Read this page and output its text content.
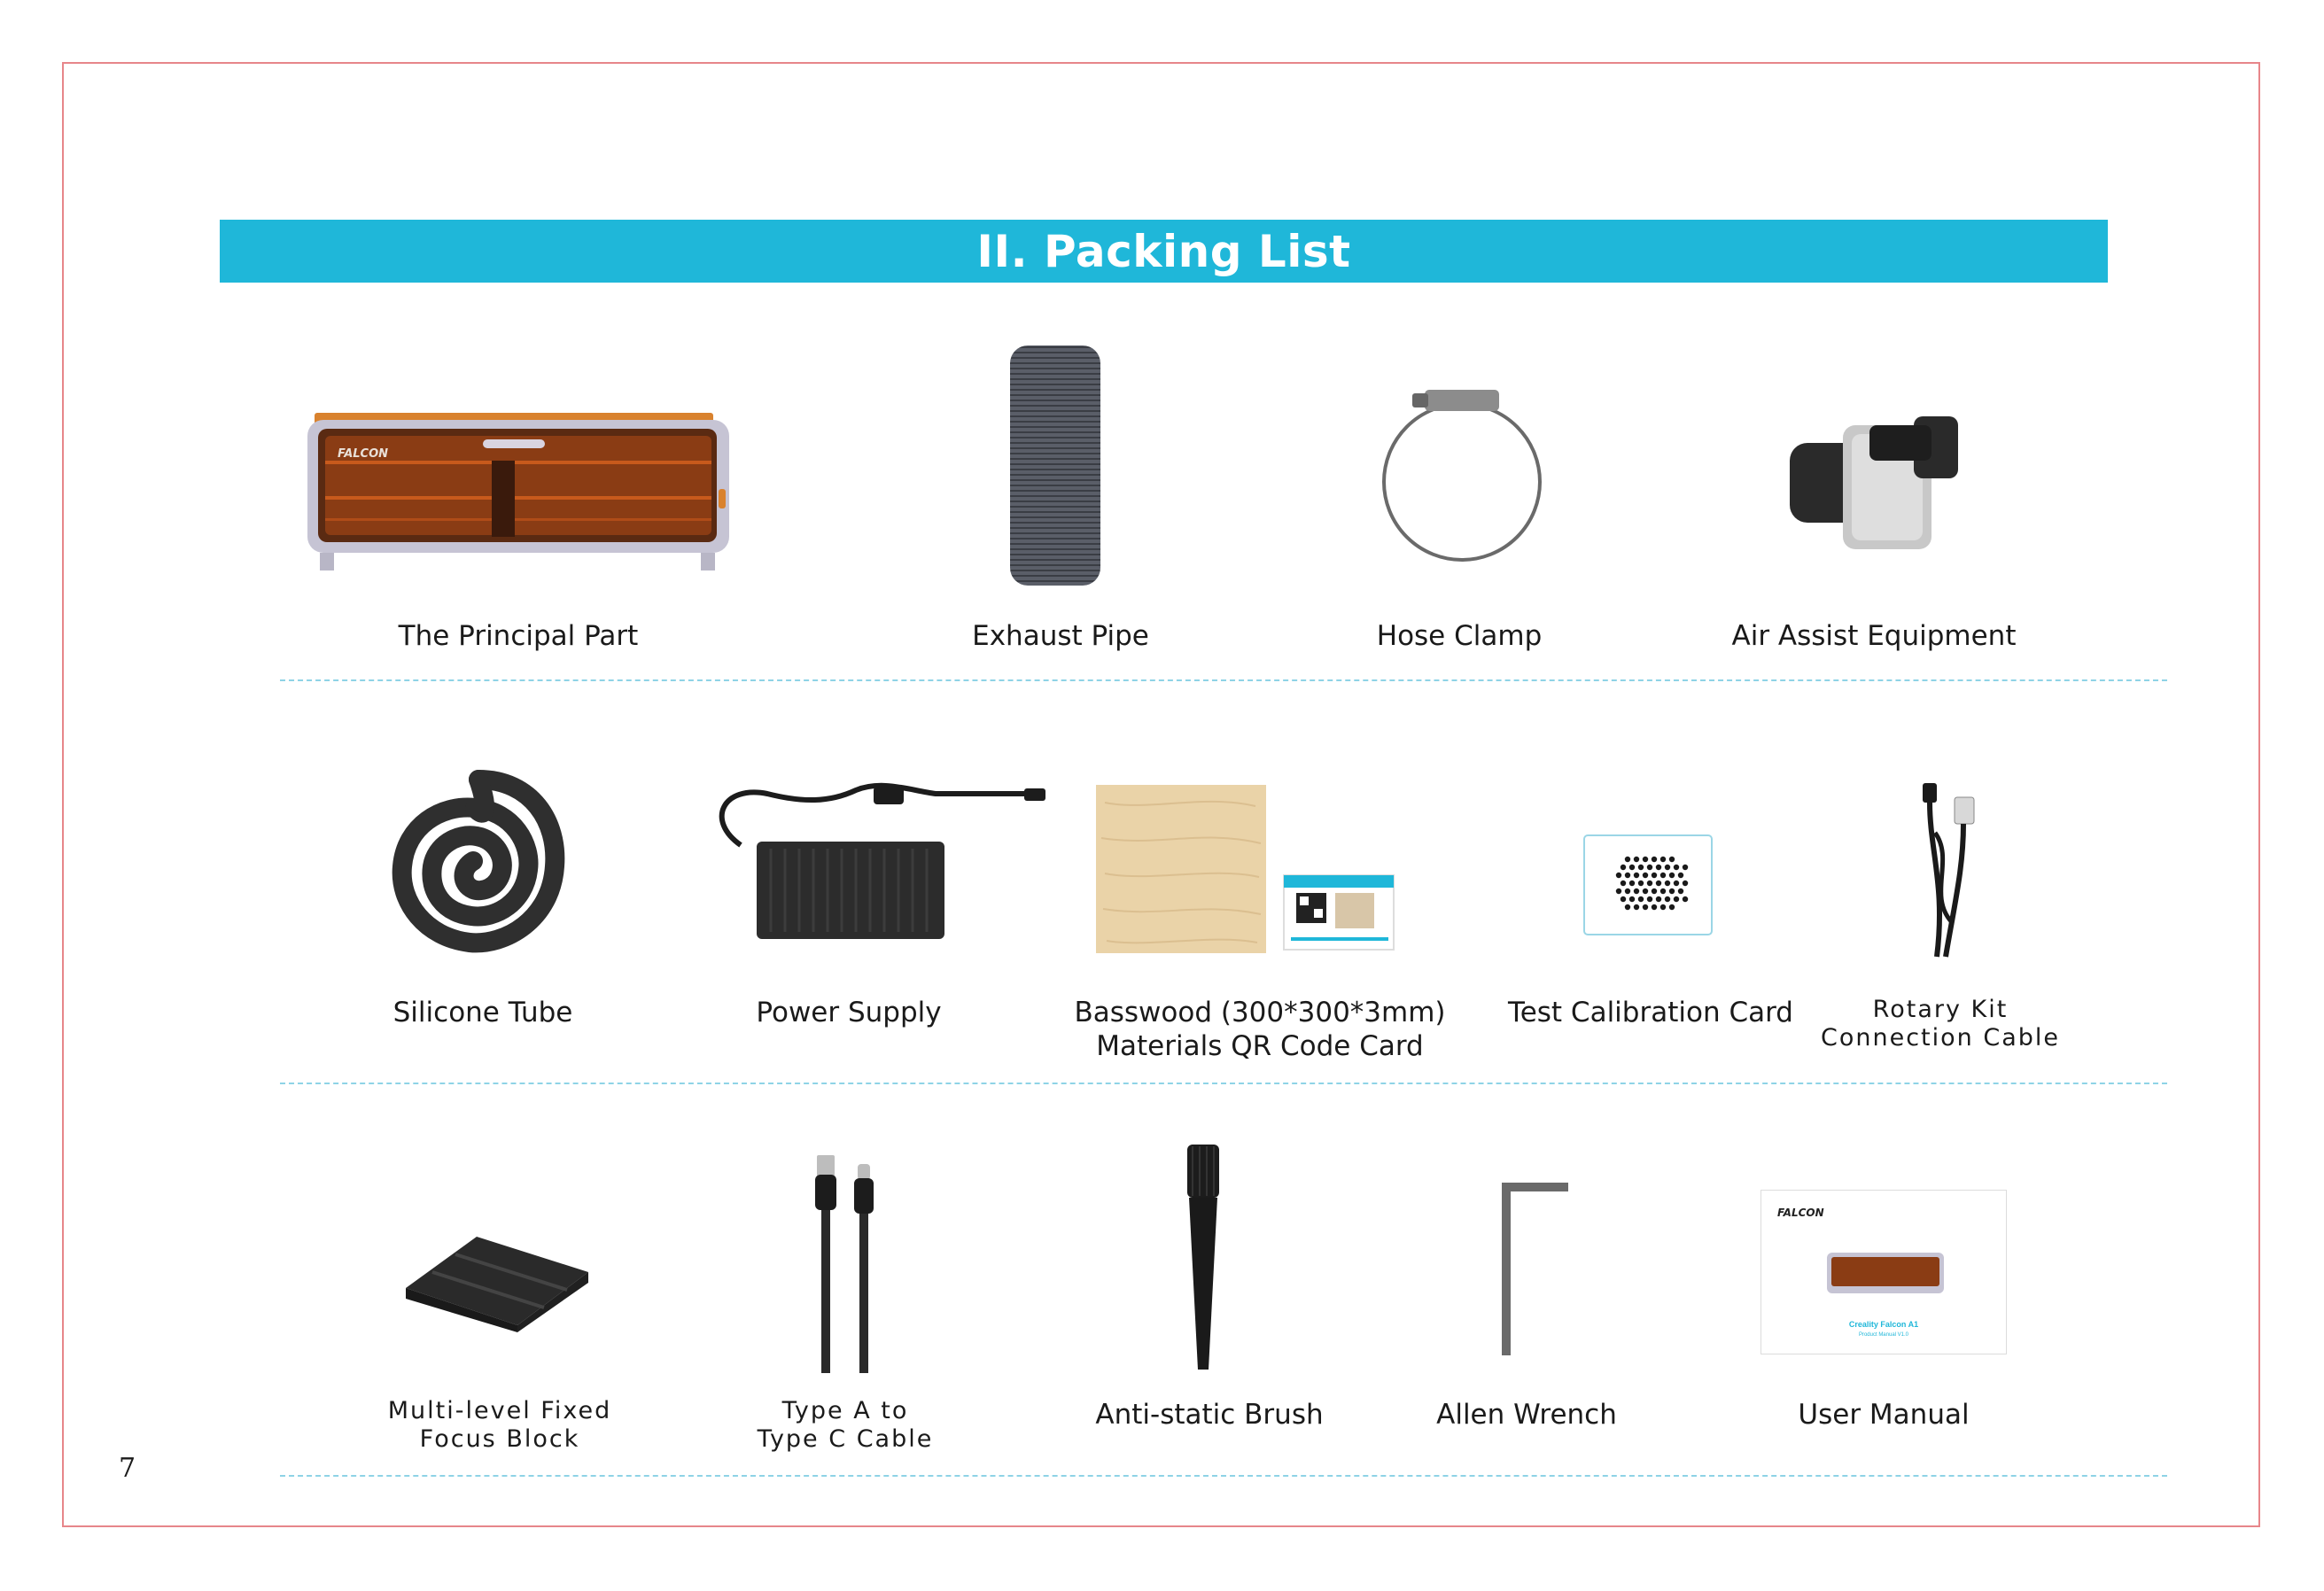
II. Packing List
FALCON
The Principal Part	Exhaust Pipe	Hose Clamp	Air Assist Equipment
Silicone Tube	Power Supply	Basswood (300*300*3mm)
Materials QR Code Card
Test Calibration Card	Rotary Kit
Connection Cable
Multi-level Fixed
Focus Block
Type A to
Type C Cable
Anti-static Brush	Allen Wrench
FALCON
Creality Falcon A1
Product Manual V1.0
User Manual
7
